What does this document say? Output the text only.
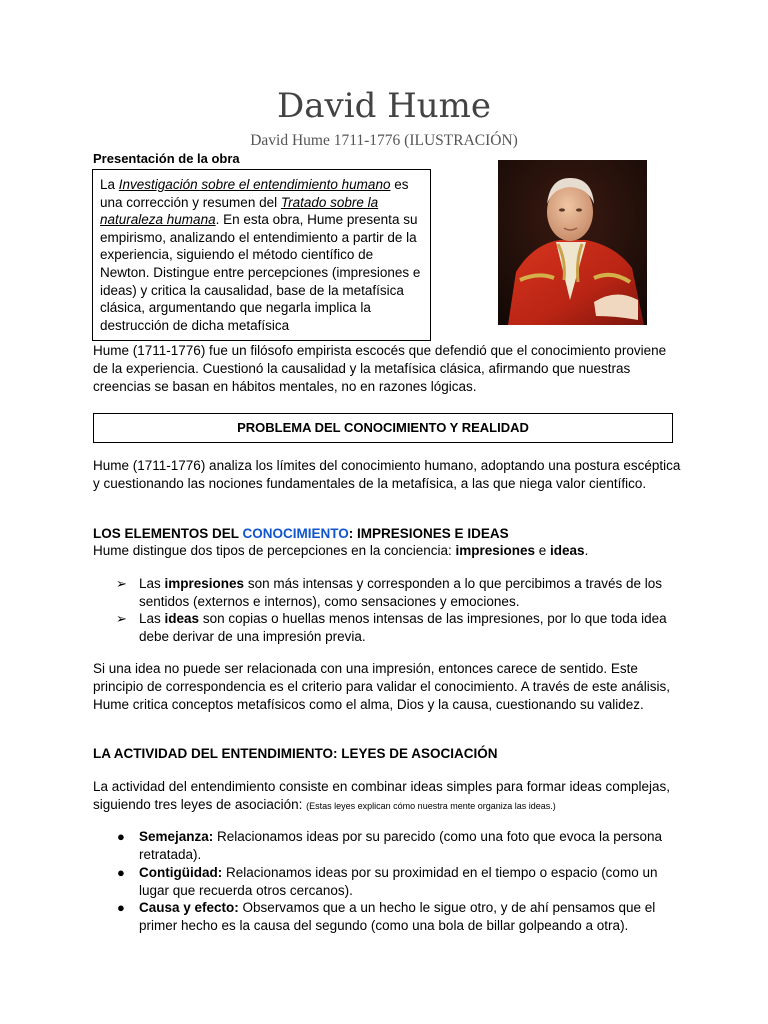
David Hume
David Hume 1711-1776 (ILUSTRACIÓN)
Presentación de la obra
La Investigación sobre el entendimiento humano es una corrección y resumen del Tratado sobre la naturaleza humana. En esta obra, Hume presenta su empirismo, analizando el entendimiento a partir de la experiencia, siguiendo el método científico de Newton. Distingue entre percepciones (impresiones e ideas) y critica la causalidad, base de la metafísica clásica, argumentando que negarla implica la destrucción de dicha metafísica
Hume (1711-1776) fue un filósofo empirista escocés que defendió que el conocimiento proviene de la experiencia. Cuestionó la causalidad y la metafísica clásica, afirmando que nuestras creencias se basan en hábitos mentales, no en razones lógicas.
PROBLEMA DEL CONOCIMIENTO Y REALIDAD
Hume (1711-1776) analiza los límites del conocimiento humano, adoptando una postura escéptica y cuestionando las nociones fundamentales de la metafísica, a las que niega valor científico.
LOS ELEMENTOS DEL CONOCIMIENTO: IMPRESIONES E IDEAS
Hume distingue dos tipos de percepciones en la conciencia: impresiones e ideas.
➢ Las impresiones son más intensas y corresponden a lo que percibimos a través de los sentidos (externos e internos), como sensaciones y emociones.
➢ Las ideas son copias o huellas menos intensas de las impresiones, por lo que toda idea debe derivar de una impresión previa.
Si una idea no puede ser relacionada con una impresión, entonces carece de sentido. Este principio de correspondencia es el criterio para validar el conocimiento. A través de este análisis, Hume critica conceptos metafísicos como el alma, Dios y la causa, cuestionando su validez.
LA ACTIVIDAD DEL ENTENDIMIENTO: LEYES DE ASOCIACIÓN
La actividad del entendimiento consiste en combinar ideas simples para formar ideas complejas, siguiendo tres leyes de asociación: (Estas leyes explican cómo nuestra mente organiza las ideas.)
● Semejanza: Relacionamos ideas por su parecido (como una foto que evoca la persona retratada).
● Contigüidad: Relacionamos ideas por su proximidad en el tiempo o espacio (como un lugar que recuerda otros cercanos).
● Causa y efecto: Observamos que a un hecho le sigue otro, y de ahí pensamos que el primer hecho es la causa del segundo (como una bola de billar golpeando a otra).
